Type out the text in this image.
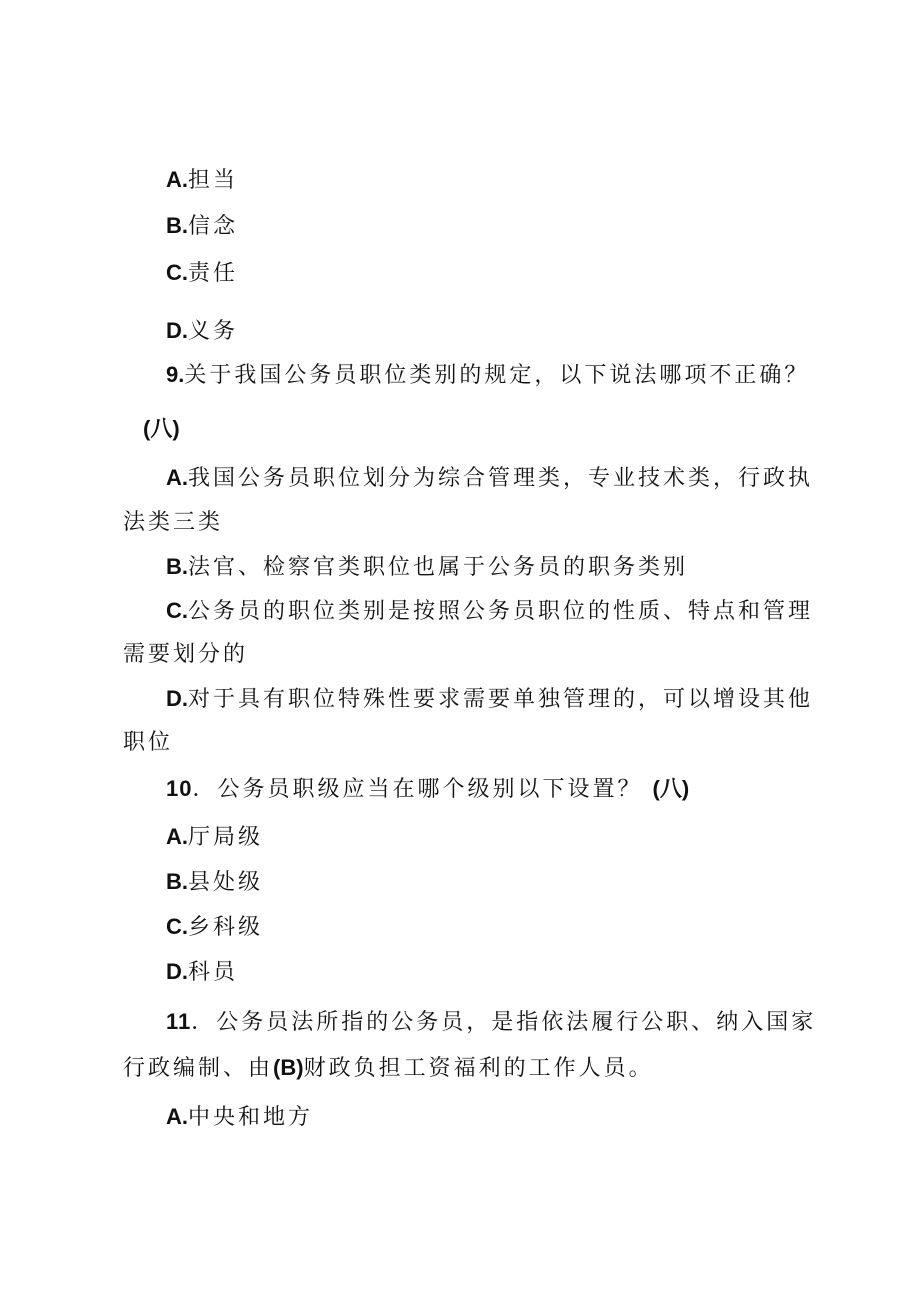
A.担当
B.信念
C.责任
D.义务
9.关于我国公务员职位类别的规定，以下说法哪项不正确？
(八)
A.我国公务员职位划分为综合管理类，专业技术类，行政执
法类三类
B.法官、检察官类职位也属于公务员的职务类别
C.公务员的职位类别是按照公务员职位的性质、特点和管理
需要划分的
D.对于具有职位特殊性要求需要单独管理的，可以增设其他
职位
10．公务员职级应当在哪个级别以下设置？ (八)
A.厅局级
B.县处级
C.乡科级
D.科员
11．公务员法所指的公务员，是指依法履行公职、纳入国家
行政编制、由(B)财政负担工资福利的工作人员。
A.中央和地方
